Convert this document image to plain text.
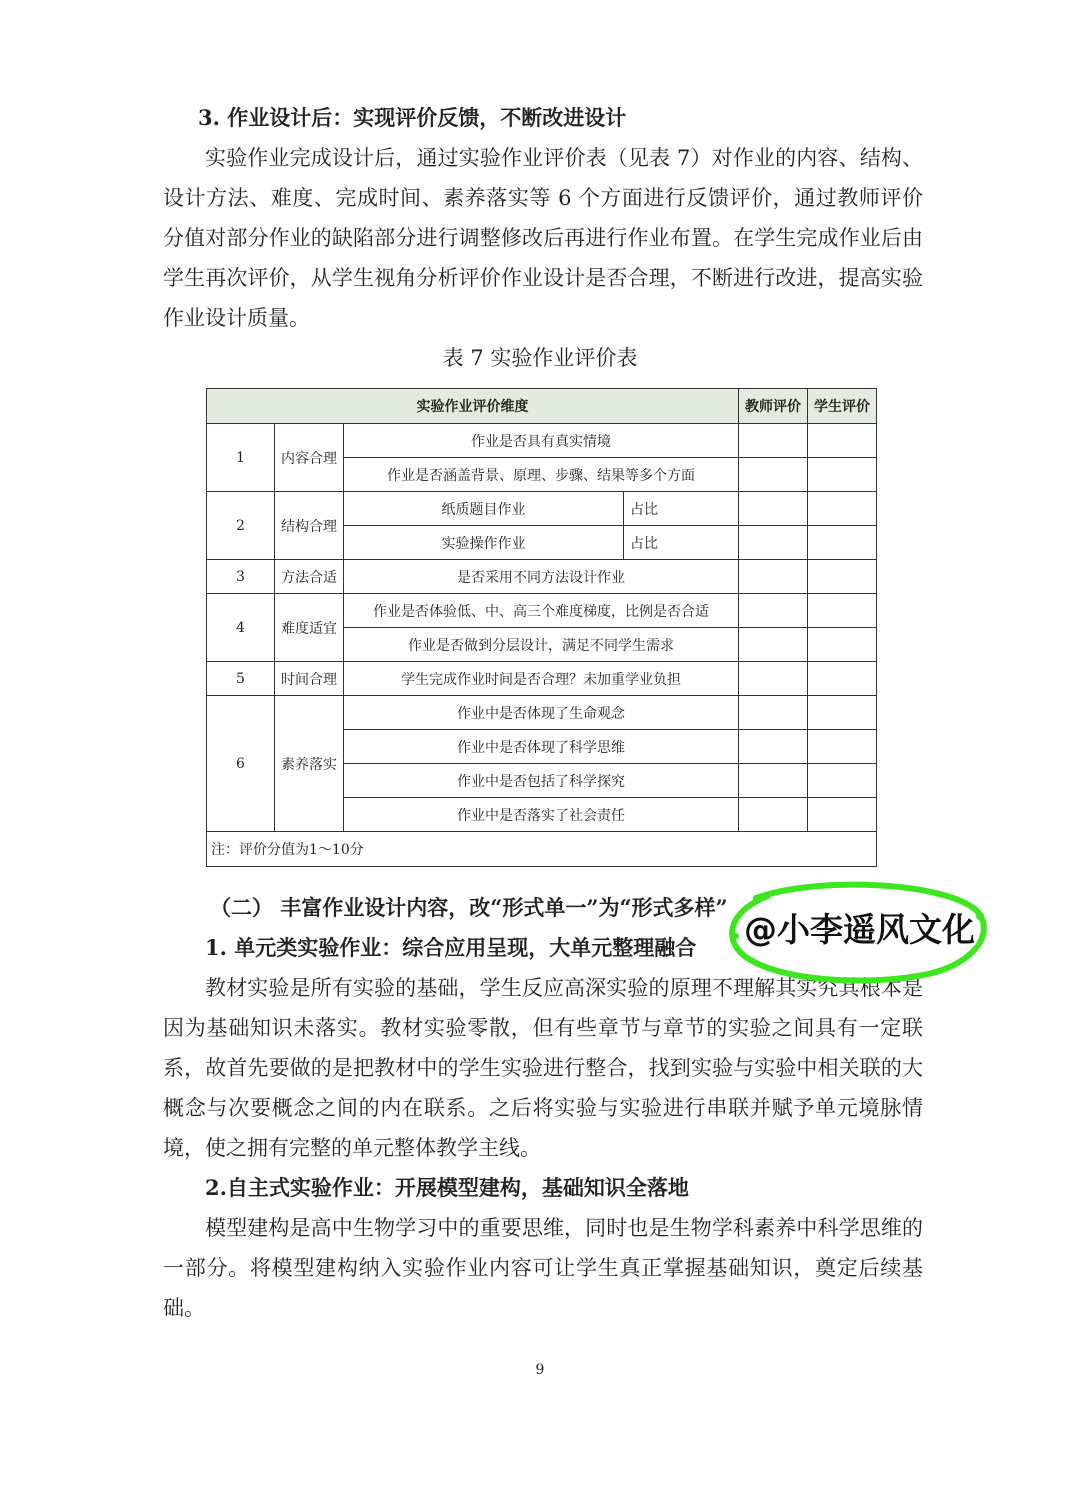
3. 作业设计后：实现评价反馈，不断改进设计
实验作业完成设计后，通过实验作业评价表（见表 7）对作业的内容、结构、设计方法、难度、完成时间、素养落实等 6 个方面进行反馈评价，通过教师评价分值对部分作业的缺陷部分进行调整修改后再进行作业布置。在学生完成作业后由学生再次评价，从学生视角分析评价作业设计是否合理，不断进行改进，提高实验作业设计质量。
表 7 实验作业评价表
实验作业评价维度				教师评价	学生评价
1	内容合理	作业是否具有真实情境			
		作业是否涵盖背景、原理、步骤、结果等多个方面			
2	结构合理	纸质题目作业	占比		
		实验操作作业	占比		
3	方法合适	是否采用不同方法设计作业			
4	难度适宜	作业是否体验低、中、高三个难度梯度，比例是否合适			
		作业是否做到分层设计，满足不同学生需求			
5	时间合理	学生完成作业时间是否合理？未加重学业负担			
6	素养落实	作业中是否体现了生命观念			
		作业中是否体现了科学思维			
		作业中是否包括了科学探究			
		作业中是否落实了社会责任			
注：评价分值为1～10分					
（二） 丰富作业设计内容，改“形式单一”为“形式多样”
1. 单元类实验作业：综合应用呈现，大单元整理融合
教材实验是所有实验的基础，学生反应高深实验的原理不理解其实究其根本是因为基础知识未落实。教材实验零散，但有些章节与章节的实验之间具有一定联系，故首先要做的是把教材中的学生实验进行整合，找到实验与实验中相关联的大概念与次要概念之间的内在联系。之后将实验与实验进行串联并赋予单元境脉情境，使之拥有完整的单元整体教学主线。
2.自主式实验作业：开展模型建构，基础知识全落地
模型建构是高中生物学习中的重要思维，同时也是生物学科素养中科学思维的一部分。将模型建构纳入实验作业内容可让学生真正掌握基础知识，奠定后续基础。
9
@小李遥风文化
